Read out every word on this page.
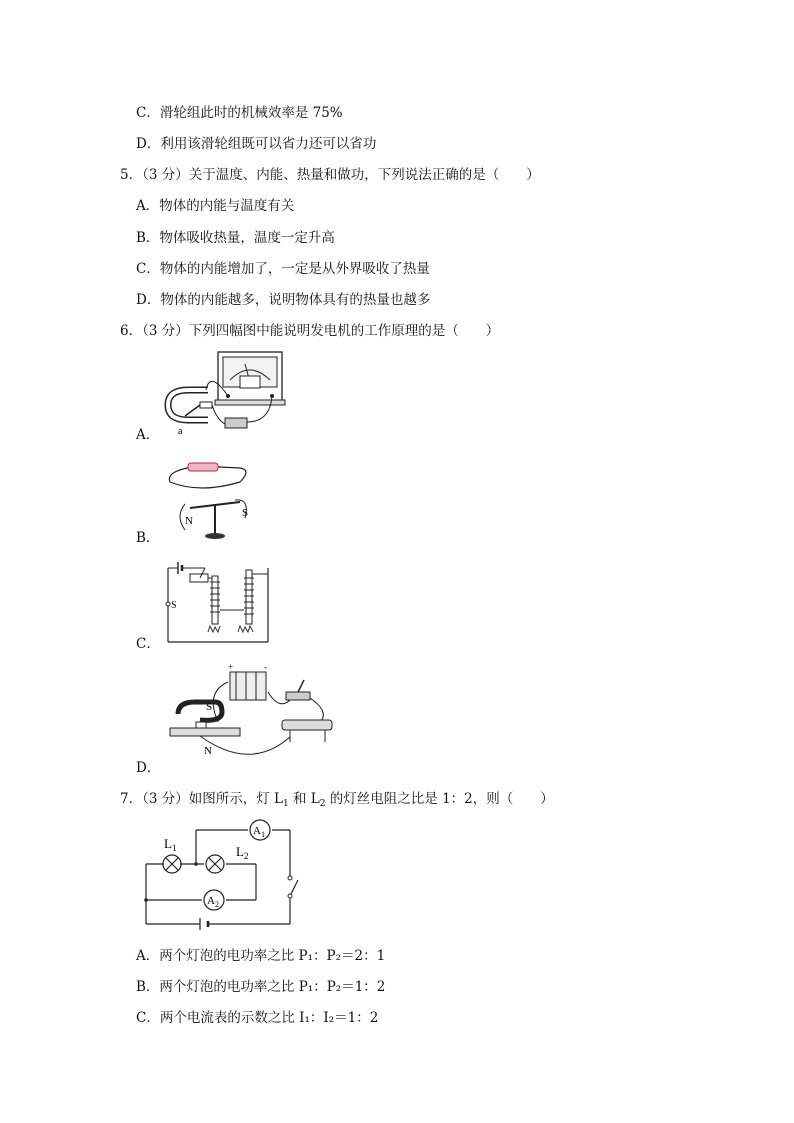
C．滑轮组此时的机械效率是 75%
D．利用该滑轮组既可以省力还可以省功
5．（3 分）关于温度、内能、热量和做功，下列说法正确的是（　　）
A．物体的内能与温度有关
B．物体吸收热量，温度一定升高
C．物体的内能增加了，一定是从外界吸收了热量
D．物体的内能越多，说明物体具有的热量也越多
6．（3 分）下列四幅图中能说明发电机的工作原理的是（　　）
a
A．
N
S
B．
S
C．
+	-
S
N
D．
7．（3 分）如图所示，灯 $L_1$ 和 $L_2$ 的灯丝电阻之比是 1：2，则（　　）
$L_1$	$L_2$
$A_1$
$A_2$
A．两个灯泡的电功率之比 P₁：P₂＝2：1
B．两个灯泡的电功率之比 P₁：P₂＝1：2
C．两个电流表的示数之比 I₁：I₂＝1：2
